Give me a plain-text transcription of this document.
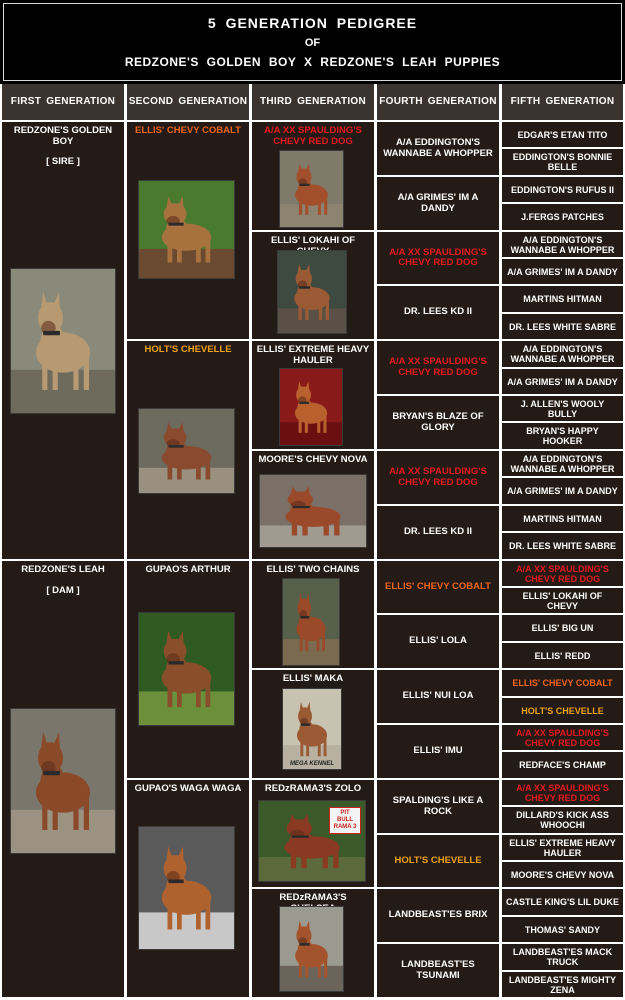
5 GENERATION PEDIGREE
OF
REDZONE'S GOLDEN BOY X REDZONE'S LEAH PUPPIES
FIRST GENERATION SECOND GENERATION THIRD GENERATION FOURTH GENERATION FIFTH GENERATION
REDZONE'S GOLDEN BOY
[ SIRE ]
REDZONE'S LEAH
[ DAM ]
ELLIS' CHEVY COBALT
HOLT'S CHEVELLE
GUPAO'S ARTHUR
GUPAO'S WAGA WAGA
A/A XX SPAULDING'S CHEVY RED DOG
ELLIS' LOKAHI OF
ELLIS' EXTREME HEAVY HAULER
MOORE'S CHEVY NOVA
ELLIS' TWO CHAINS
ELLIS' MAKA
REDzRAMA3'S ZOLO
REDzRAMA3'S
A/A EDDINGTON'S WANNABE A WHOPPER
A/A GRIMES' IM A DANDY
A/A XX SPAULDING'S CHEVY RED DOG
DR. LEES KD II
A/A XX SPAULDING'S CHEVY RED DOG
BRYAN'S BLAZE OF GLORY
A/A XX SPAULDING'S CHEVY RED DOG
DR. LEES KD II
ELLIS' CHEVY COBALT
ELLIS' LOLA
ELLIS' NUI LOA
ELLIS' IMU
SPALDING'S LIKE A ROCK
HOLT'S CHEVELLE
LANDBEAST'ES BRIX
LANDBEAST'ES TSUNAMI
EDGAR'S ETAN TITO
EDDINGTON'S BONNIE BELLE
EDDINGTON'S RUFUS II
J.FERGS PATCHES
A/A EDDINGTON'S WANNABE A WHOPPER
A/A GRIMES' IM A DANDY
MARTINS HITMAN
DR. LEES WHITE SABRE
A/A EDDINGTON'S WANNABE A WHOPPER
A/A GRIMES' IM A DANDY
J. ALLEN'S WOOLY BULLY
BRYAN'S HAPPY HOOKER
A/A EDDINGTON'S WANNABE A WHOPPER
A/A GRIMES' IM A DANDY
MARTINS HITMAN
DR. LEES WHITE SABRE
A/A XX SPAULDING'S CHEVY RED DOG
ELLIS' LOKAHI OF CHEVY
ELLIS' BIG UN
ELLIS' REDD
ELLIS' CHEVY COBALT
HOLT'S CHEVELLE
A/A XX SPAULDING'S CHEVY RED DOG
REDFACE'S CHAMP
A/A XX SPAULDING'S CHEVY RED DOG
DILLARD'S KICK ASS WHOOCHI
ELLIS' EXTREME HEAVY HAULER
MOORE'S CHEVY NOVA
CASTLE KING'S LIL DUKE
THOMAS' SANDY
LANDBEAST'ES MACK TRUCK
LANDBEAST'ES MIGHTY ZENA
MEGA KENNEL
PIT BULL RAMA 3
